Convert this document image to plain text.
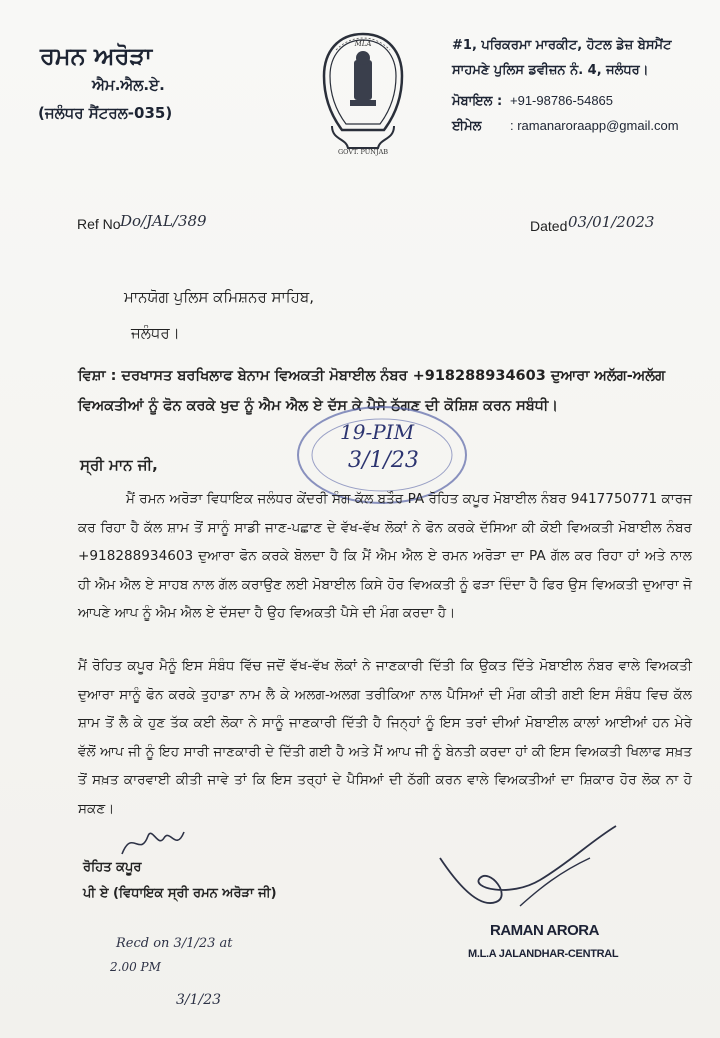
ਰਮਨ ਅਰੋੜਾ
ਐਮ.ਐਲ.ਏ.
(ਜਲੰਧਰ ਸੈਂਟਰਲ-035)
MLA
GOVT. PUNJAB
#1, ਪਰਿਕਰਮਾ ਮਾਰਕੀਟ, ਹੋਟਲ ਡੇਜ਼ ਬੇਸਮੈਂਟ
ਸਾਹਮਣੇ ਪੁਲਿਸ ਡਵੀਜ਼ਨ ਨੰ. 4, ਜਲੰਧਰ।
ਮੋਬਾਇਲ : +91-98786-54865
ਈਮੇਲ : ramanaroraapp@gmail.com
Ref No Do/JAL/389	Dated 03/01/2023
ਮਾਨਯੋਗ ਪੁਲਿਸ ਕਮਿਸ਼ਨਰ ਸਾਹਿਬ,
ਜਲੰਧਰ।
ਵਿਸ਼ਾ : ਦਰਖਾਸਤ ਬਰਖਿਲਾਫ ਬੇਨਾਮ ਵਿਅਕਤੀ ਮੋਬਾਈਲ ਨੰਬਰ +918288934603 ਦੁਆਰਾ ਅਲੱਗ-ਅਲੱਗ ਵਿਅਕਤੀਆਂ ਨੂੰ ਫੋਨ ਕਰਕੇ ਖੁਦ ਨੂੰ ਐਮ ਐਲ ਏ ਦੱਸ ਕੇ ਪੈਸੇ ਠੱਗਣ ਦੀ ਕੋਸ਼ਿਸ਼ ਕਰਨ ਸਬੰਧੀ।
19-PIM
3/1/23
ਸ੍ਰੀ ਮਾਨ ਜੀ,
ਮੈਂ ਰਮਨ ਅਰੋੜਾ ਵਿਧਾਇਕ ਜਲੰਧਰ ਕੇਂਦਰੀ ਸੰਗ ਕੱਲ ਬਤੌਰ PA ਰੋਹਿਤ ਕਪੂਰ ਮੋਬਾਈਲ ਨੰਬਰ 9417750771 ਕਾਰਜ ਕਰ ਰਿਹਾ ਹੈ ਕੱਲ ਸ਼ਾਮ ਤੋਂ ਸਾਨੂੰ ਸਾਡੀ ਜਾਣ-ਪਛਾਣ ਦੇ ਵੱਖ-ਵੱਖ ਲੋਕਾਂ ਨੇ ਫੋਨ ਕਰਕੇ ਦੱਸਿਆ ਕੀ ਕੋਈ ਵਿਅਕਤੀ ਮੋਬਾਈਲ ਨੰਬਰ +918288934603 ਦੁਆਰਾ ਫੋਨ ਕਰਕੇ ਬੋਲਦਾ ਹੈ ਕਿ ਮੈਂ ਐਮ ਐਲ ਏ ਰਮਨ ਅਰੋੜਾ ਦਾ PA ਗੱਲ ਕਰ ਰਿਹਾ ਹਾਂ ਅਤੇ ਨਾਲ ਹੀ ਐਮ ਐਲ ਏ ਸਾਹਬ ਨਾਲ ਗੱਲ ਕਰਾਉਣ ਲਈ ਮੋਬਾਈਲ ਕਿਸੇ ਹੋਰ ਵਿਅਕਤੀ ਨੂੰ ਫੜਾ ਦਿੰਦਾ ਹੈ ਫਿਰ ਉਸ ਵਿਅਕਤੀ ਦੁਆਰਾ ਜੋ ਆਪਣੇ ਆਪ ਨੂੰ ਐਮ ਐਲ ਏ ਦੱਸਦਾ ਹੈ ਉਹ ਵਿਅਕਤੀ ਪੈਸੇ ਦੀ ਮੰਗ ਕਰਦਾ ਹੈ।
ਮੈਂ ਰੋਹਿਤ ਕਪੂਰ ਮੈਨੂੰ ਇਸ ਸੰਬੰਧ ਵਿੱਚ ਜਦੋਂ ਵੱਖ-ਵੱਖ ਲੋਕਾਂ ਨੇ ਜਾਣਕਾਰੀ ਦਿੱਤੀ ਕਿ ਉਕਤ ਦਿੱਤੇ ਮੋਬਾਈਲ ਨੰਬਰ ਵਾਲੇ ਵਿਅਕਤੀ ਦੁਆਰਾ ਸਾਨੂੰ ਫੋਨ ਕਰਕੇ ਤੁਹਾਡਾ ਨਾਮ ਲੈ ਕੇ ਅਲਗ-ਅਲਗ ਤਰੀਕਿਆ ਨਾਲ ਪੈਸਿਆਂ ਦੀ ਮੰਗ ਕੀਤੀ ਗਈ ਇਸ ਸੰਬੰਧ ਵਿਚ ਕੱਲ ਸ਼ਾਮ ਤੋਂ ਲੈ ਕੇ ਹੁਣ ਤੱਕ ਕਈ ਲੋਕਾ ਨੇ ਸਾਨੂੰ ਜਾਣਕਾਰੀ ਦਿੱਤੀ ਹੈ ਜਿਨ੍ਹਾਂ ਨੂੰ ਇਸ ਤਰਾਂ ਦੀਆਂ ਮੋਬਾਈਲ ਕਾਲਾਂ ਆਈਆਂ ਹਨ ਮੇਰੇ ਵੱਲੋਂ ਆਪ ਜੀ ਨੂੰ ਇਹ ਸਾਰੀ ਜਾਣਕਾਰੀ ਦੇ ਦਿੱਤੀ ਗਈ ਹੈ ਅਤੇ ਮੈਂ ਆਪ ਜੀ ਨੂੰ ਬੇਨਤੀ ਕਰਦਾ ਹਾਂ ਕੀ ਇਸ ਵਿਅਕਤੀ ਖਿਲਾਫ ਸਖ਼ਤ ਤੋਂ ਸਖ਼ਤ ਕਾਰਵਾਈ ਕੀਤੀ ਜਾਵੇ ਤਾਂ ਕਿ ਇਸ ਤਰ੍ਹਾਂ ਦੇ ਪੈਸਿਆਂ ਦੀ ਠੱਗੀ ਕਰਨ ਵਾਲੇ ਵਿਅਕਤੀਆਂ ਦਾ ਸ਼ਿਕਾਰ ਹੋਰ ਲੋਕ ਨਾ ਹੋ ਸਕਣ।
ਰੋਹਿਤ ਕਪੂਰ
ਪੀ ਏ (ਵਿਧਾਇਕ ਸ੍ਰੀ ਰਮਨ ਅਰੋੜਾ ਜੀ)
RAMAN ARORA
M.L.A JALANDHAR-CENTRAL
Recd on 3/1/23 at
2.00 PM
3/1/23
